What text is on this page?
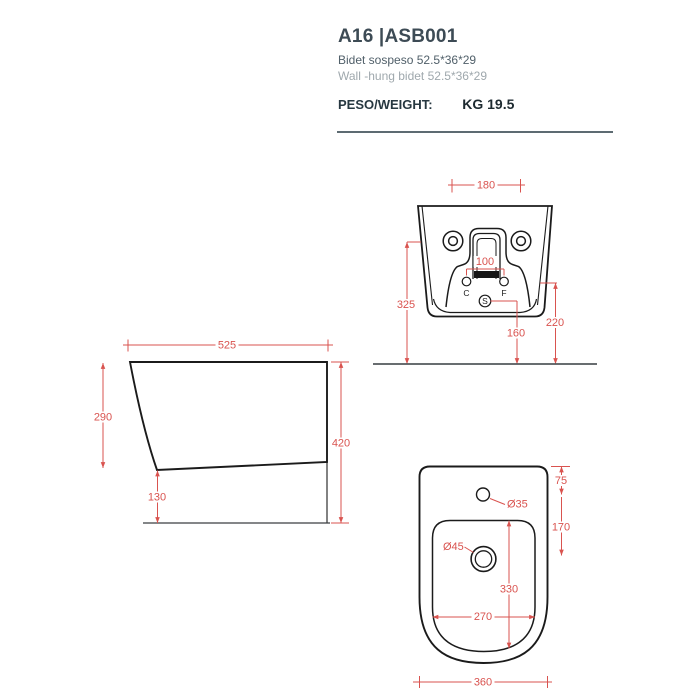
A16 |ASB001
Bidet sospeso 52.5*36*29
Wall -hung bidet 52.5*36*29
PESO/WEIGHT: KG 19.5
C	F
S
180
100
325
220
160
525
290
420
130
75
170
330
270
360
Ø35
Ø45
